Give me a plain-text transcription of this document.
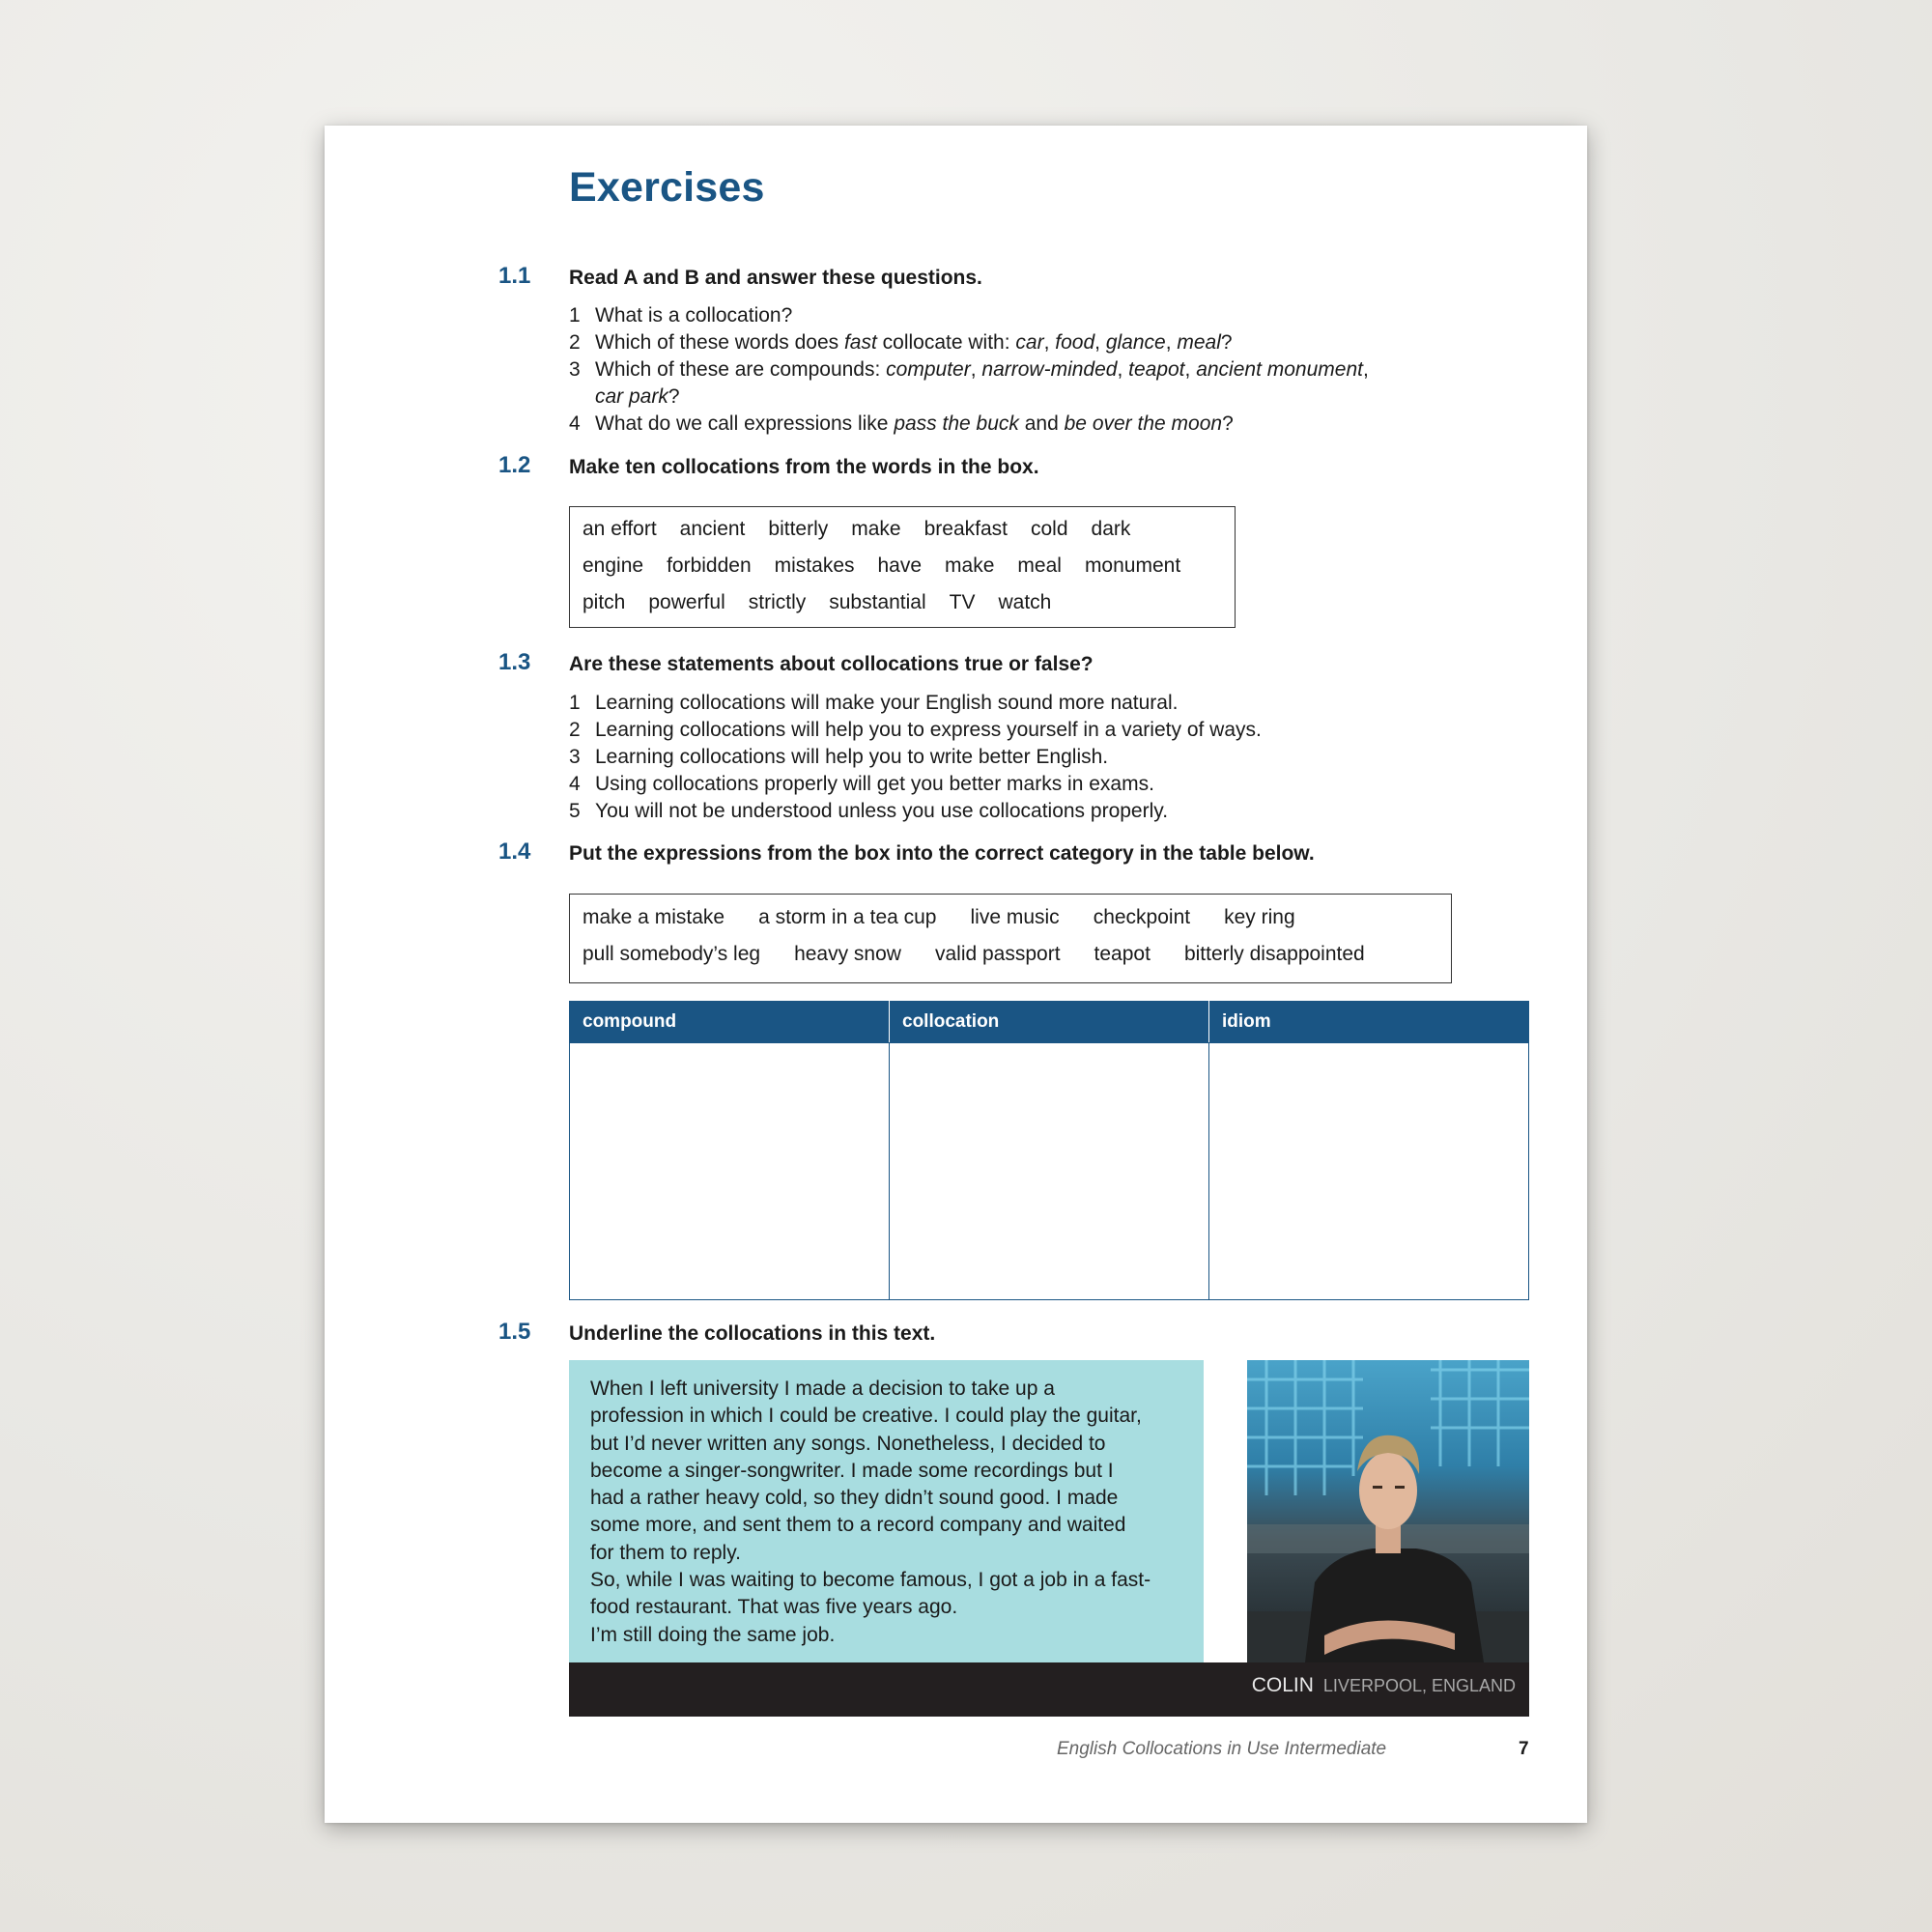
Exercises
1.1 Read A and B and answer these questions.
1 What is a collocation?
2 Which of these words does fast collocate with: car, food, glance, meal?
3 Which of these are compounds: computer, narrow-minded, teapot, ancient monument,
car park?
4 What do we call expressions like pass the buck and be over the moon?
1.2 Make ten collocations from the words in the box.
an effort ancient bitterly make breakfast cold dark
engine forbidden mistakes have make meal monument
pitch powerful strictly substantial TV watch
1.3 Are these statements about collocations true or false?
1 Learning collocations will make your English sound more natural.
2 Learning collocations will help you to express yourself in a variety of ways.
3 Learning collocations will help you to write better English.
4 Using collocations properly will get you better marks in exams.
5 You will not be understood unless you use collocations properly.
1.4 Put the expressions from the box into the correct category in the table below.
make a mistake a storm in a tea cup live music checkpoint key ring
pull somebody’s leg heavy snow valid passport teapot bitterly disappointed
compound	collocation	idiom

1.5 Underline the collocations in this text.

When I left university I made a decision to take up a

profession in which I could be creative. I could play the guitar,

but I’d never written any songs. Nonetheless, I decided to

become a singer-songwriter. I made some recordings but I

had a rather heavy cold, so they didn’t sound good. I made

some more, and sent them to a record company and waited

for them to reply.

So, while I was waiting to become famous, I got a job in a fast-

food restaurant. That was five years ago.

I’m still doing the same job.

COLIN LIVERPOOL, ENGLAND
English Collocations in Use Intermediate	7
